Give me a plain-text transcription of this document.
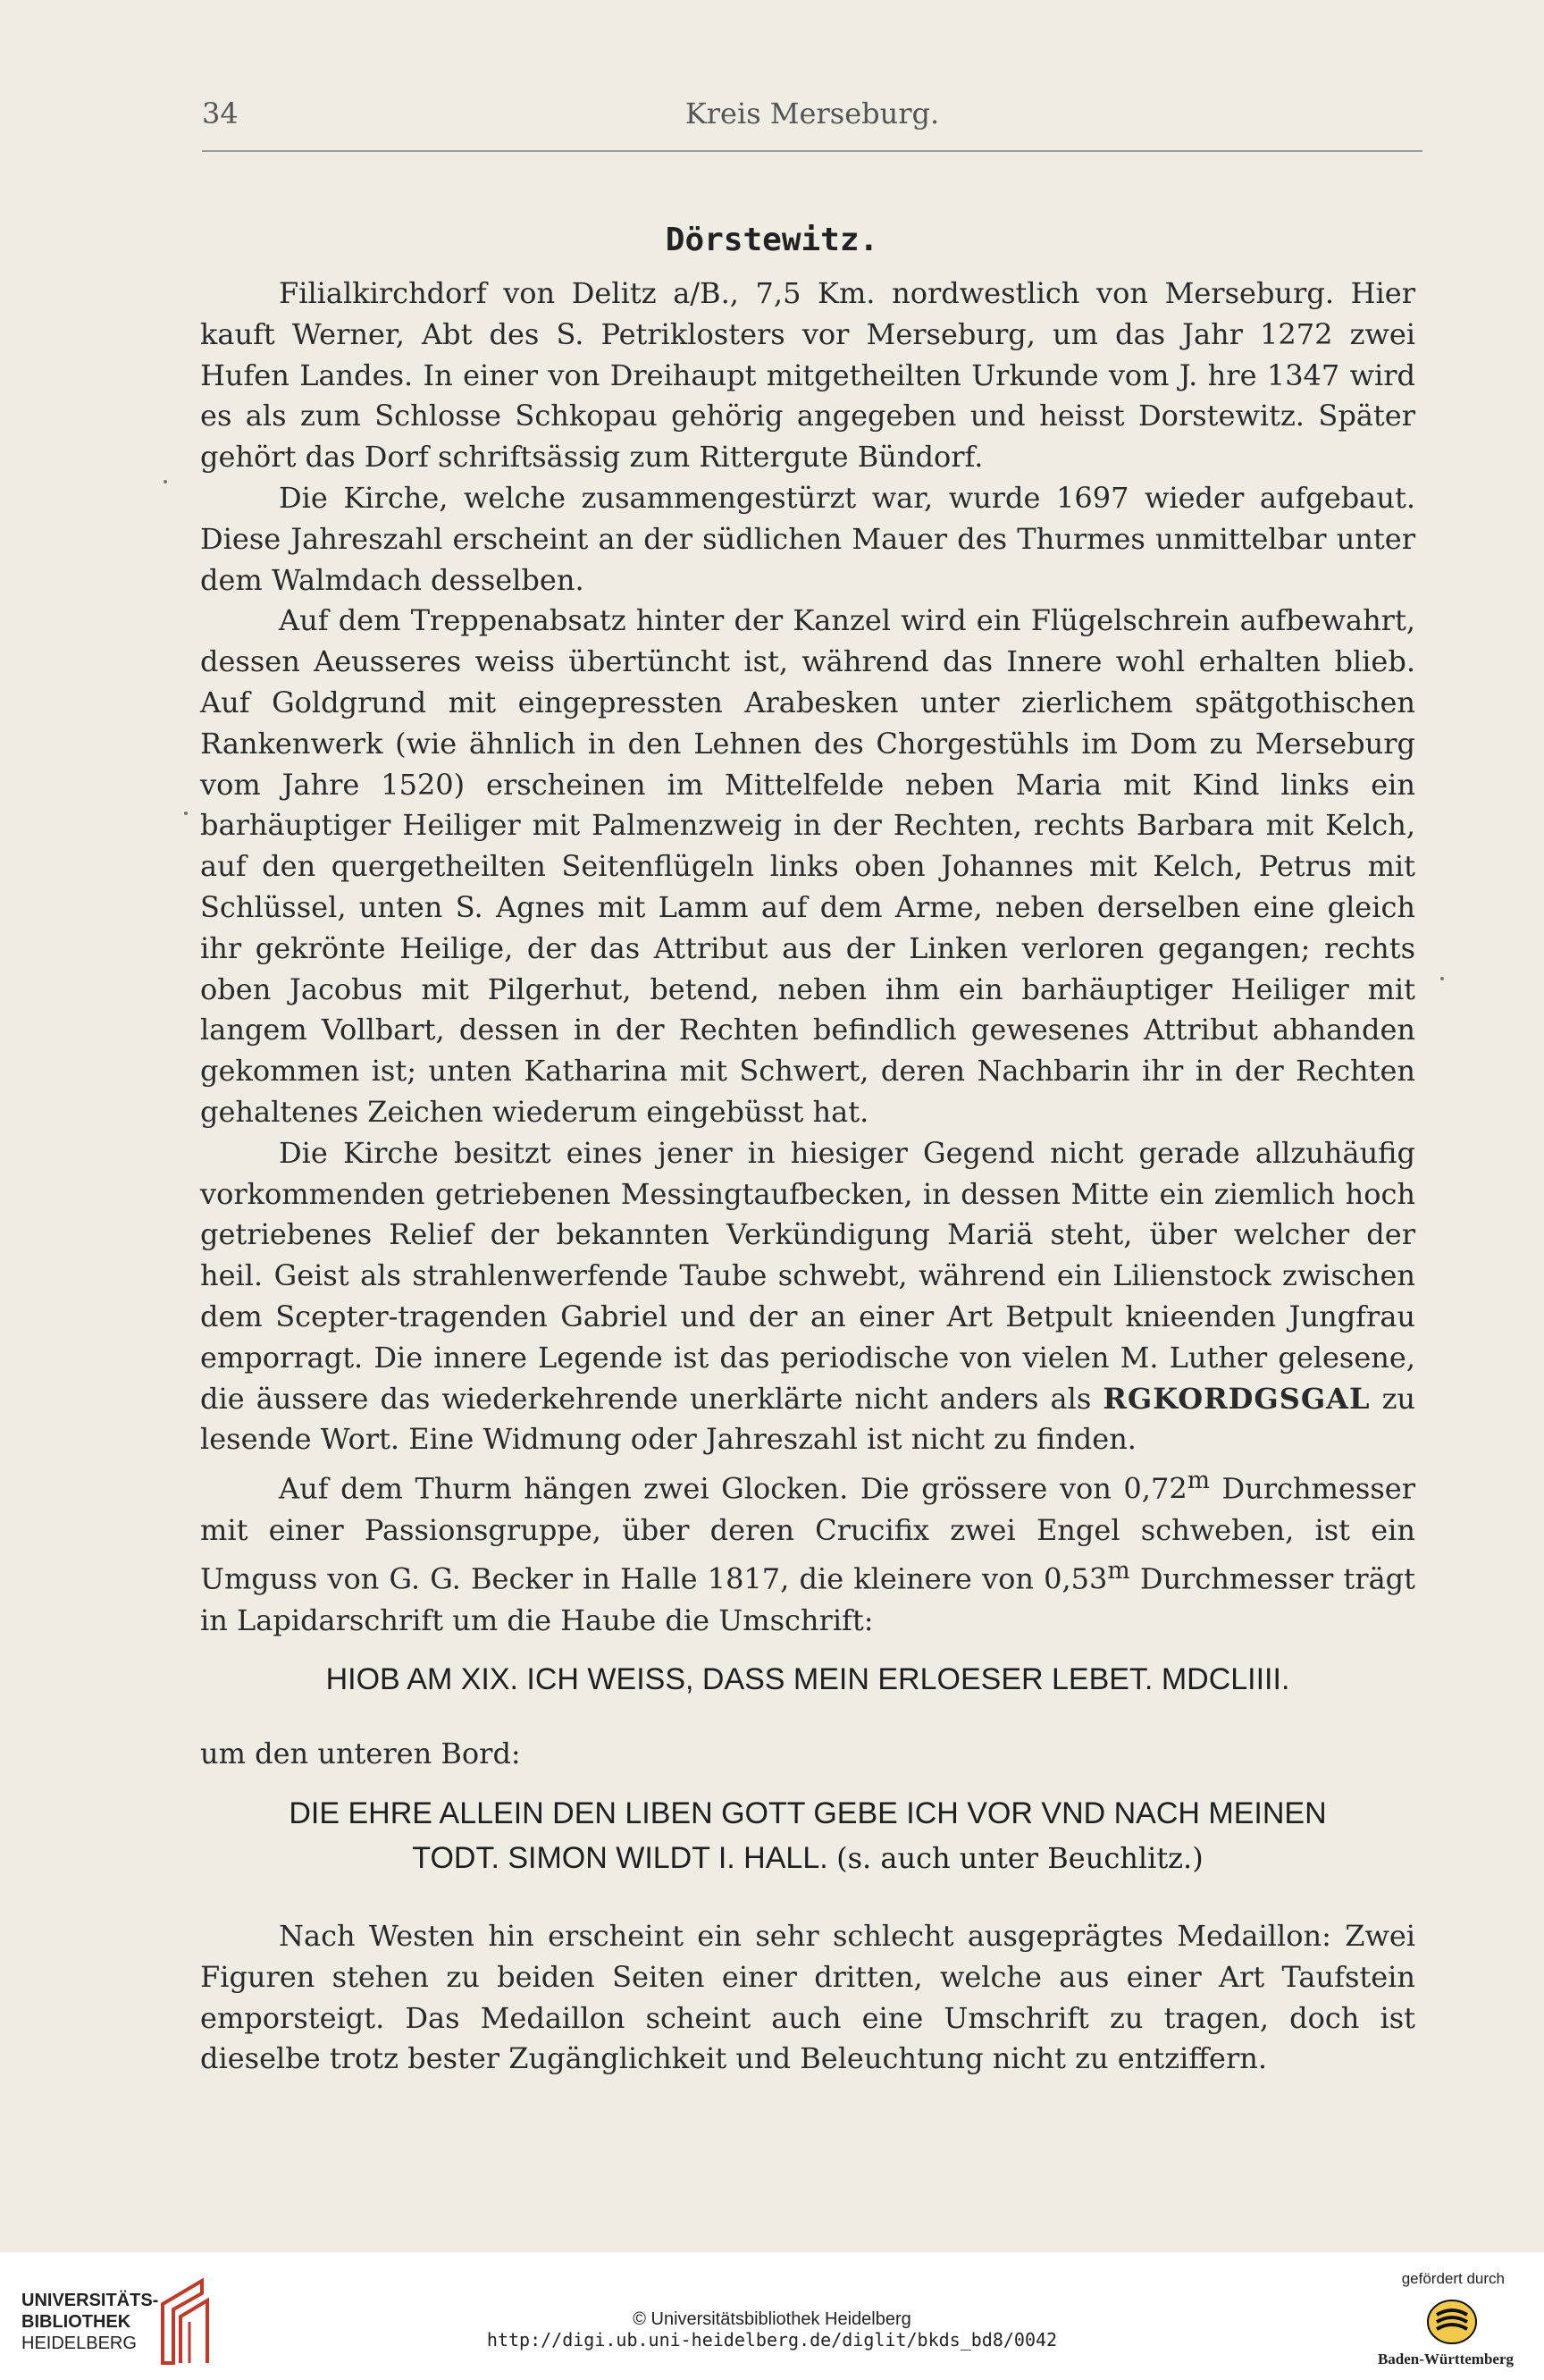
34	Kreis Merseburg.
Dörstewitz.

Filialkirchdorf von Delitz a/B., 7,5 Km. nordwestlich von Merseburg. Hier kauft Werner, Abt des S. Petriklosters vor Merseburg, um das Jahr 1272 zwei Hufen Landes. In einer von Dreihaupt mitgetheilten Urkunde vom J. hre 1347 wird es als zum Schlosse Schkopau gehörig angegeben und heisst Dorstewitz. Später gehört das Dorf schriftsässig zum Rittergute Bündorf.

Die Kirche, welche zusammengestürzt war, wurde 1697 wieder aufgebaut. Diese Jahreszahl erscheint an der südlichen Mauer des Thurmes unmittelbar unter dem Walmdach desselben.

Auf dem Treppenabsatz hinter der Kanzel wird ein Flügelschrein aufbewahrt, dessen Aeusseres weiss übertüncht ist, während das Innere wohl erhalten blieb. Auf Goldgrund mit eingepressten Arabesken unter zierlichem spätgothischen Rankenwerk (wie ähnlich in den Lehnen des Chorgestühls im Dom zu Merseburg vom Jahre 1520) erscheinen im Mittelfelde neben Maria mit Kind links ein barhäuptiger Heiliger mit Palmenzweig in der Rechten, rechts Barbara mit Kelch, auf den quergetheilten Seitenflügeln links oben Johannes mit Kelch, Petrus mit Schlüssel, unten S. Agnes mit Lamm auf dem Arme, neben derselben eine gleich ihr gekrönte Heilige, der das Attribut aus der Linken verloren gegangen; rechts oben Jacobus mit Pilgerhut, betend, neben ihm ein barhäuptiger Heiliger mit langem Vollbart, dessen in der Rechten befindlich gewesenes Attribut abhanden gekommen ist; unten Katharina mit Schwert, deren Nachbarin ihr in der Rechten gehaltenes Zeichen wiederum eingebüsst hat.

Die Kirche besitzt eines jener in hiesiger Gegend nicht gerade allzuhäufig vorkommenden getriebenen Messingtaufbecken, in dessen Mitte ein ziemlich hoch getriebenes Relief der bekannten Verkündigung Mariä steht, über welcher der heil. Geist als strahlenwerfende Taube schwebt, während ein Lilienstock zwischen dem Scepter-tragenden Gabriel und der an einer Art Betpult knieenden Jungfrau emporragt. Die innere Legende ist das periodische von vielen M. Luther gelesene, die äussere das wiederkehrende unerklärte nicht anders als RGKORDGSGAL zu lesende Wort. Eine Widmung oder Jahreszahl ist nicht zu finden.

Auf dem Thurm hängen zwei Glocken. Die grössere von 0,72$^m$ Durchmesser mit einer Passionsgruppe, über deren Crucifix zwei Engel schweben, ist ein Umguss von G. G. Becker in Halle 1817, die kleinere von 0,53$^m$ Durchmesser trägt in Lapidarschrift um die Haube die Umschrift:

HIOB AM XIX. ICH WEISS, DASS MEIN ERLOESER LEBET. MDCLIIII.

um den unteren Bord:

DIE EHRE ALLEIN DEN LIBEN GOTT GEBE ICH VOR VND NACH MEINEN
TODT. SIMON WILDT I. HALL. (s. auch unter Beuchlitz.)

Nach Westen hin erscheint ein sehr schlecht ausgeprägtes Medaillon: Zwei Figuren stehen zu beiden Seiten einer dritten, welche aus einer Art Taufstein emporsteigt. Das Medaillon scheint auch eine Umschrift zu tragen, doch ist dieselbe trotz bester Zugänglichkeit und Beleuchtung nicht zu entziffern.

UNIVERSITÄTS-
BIBLIOTHEK
HEIDELBERG
© Universitätsbibliothek Heidelberg
http://digi.ub.uni-heidelberg.de/diglit/bkds_bd8/0042
gefördert durch
Baden-Württemberg
